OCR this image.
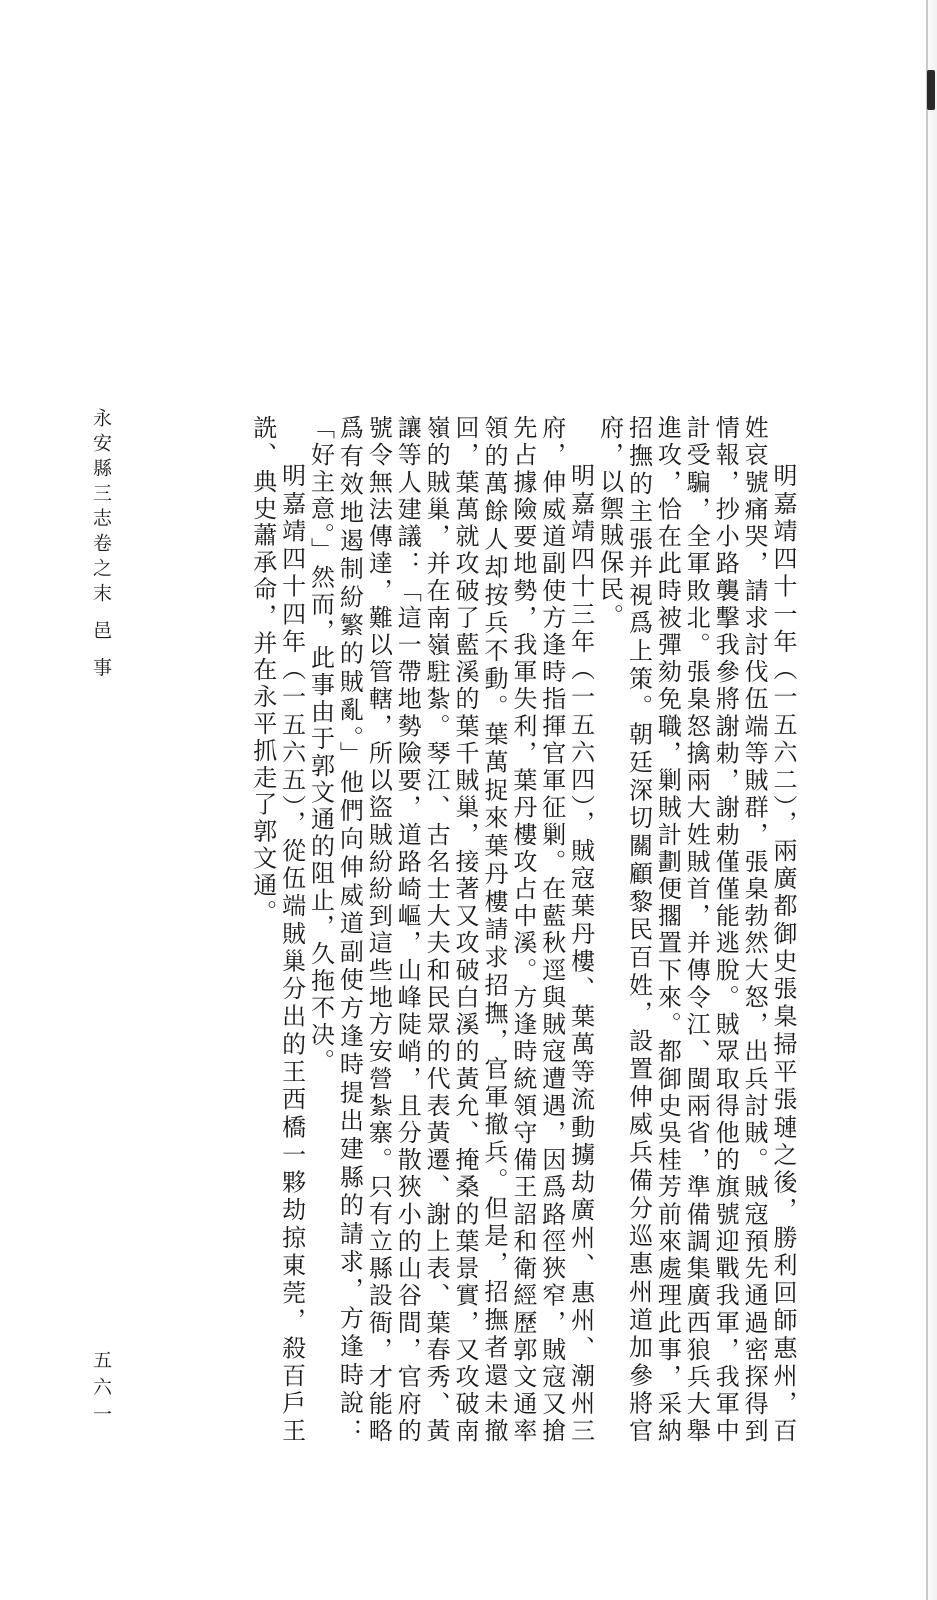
明嘉靖四十一年（一五六二），兩廣都御史張臬掃平張璉之後，勝利回師惠州，百姓哀號痛哭，請求討伐伍端等賊群，張臬勃然大怒，出兵討賊。賊寇預先通過密探得到情報，抄小路襲擊我參將謝勅，謝勅僅僅能逃脫。賊眾取得他的旗號迎戰我軍，我軍中計受騙，全軍敗北。張臬怒擒兩大姓賊首，并傳令江、閩兩省，準備調集廣西狼兵大舉進攻，恰在此時被彈劾免職，剿賊計劃便擱置下來。都御史吳桂芳前來處理此事，采納招撫的主張并視爲上策。朝廷深切關顧黎民百姓，設置伸威兵備分巡惠州道加參將官府，以禦賊保民。

明嘉靖四十三年（一五六四），賊寇葉丹樓、葉萬等流動擄劫廣州、惠州、潮州三府，伸威道副使方逢時指揮官軍征剿。在藍秋逕與賊寇遭遇，因爲路徑狹窄，賊寇又搶先占據險要地勢，我軍失利，葉丹樓攻占中溪。方逢時統領守備王詔和衛經歷郭文通率領的萬餘人却按兵不動。葉萬捉來葉丹樓請求招撫，官軍撤兵。但是，招撫者還未撤回，葉萬就攻破了藍溪的葉千賊巢，接著又攻破白溪的黃允、掩桑的葉景實，又攻破南嶺的賊巢，并在南嶺駐紮。琴江、古名士大夫和民眾的代表黃遷、謝上表、葉春秀、黃讓等人建議：「這一帶地勢險要，道路崎嶇，山峰陡峭，且分散狹小的山谷間，官府的號令無法傳達，難以管轄，所以盜賊紛紛到這些地方安營紮寨。只有立縣設衙，才能略爲有效地遏制紛繁的賊亂。」他們向伸威道副使方逢時提出建縣的請求，方逢時說：「好主意。」然而，此事由于郭文通的阻止，久拖不决。

明嘉靖四十四年（一五六五），從伍端賊巢分出的王西橋一夥劫掠東莞，殺百戶王詵、典史蕭承命，并在永平抓走了郭文通。

永安縣三志卷之末 邑 事
五六一
